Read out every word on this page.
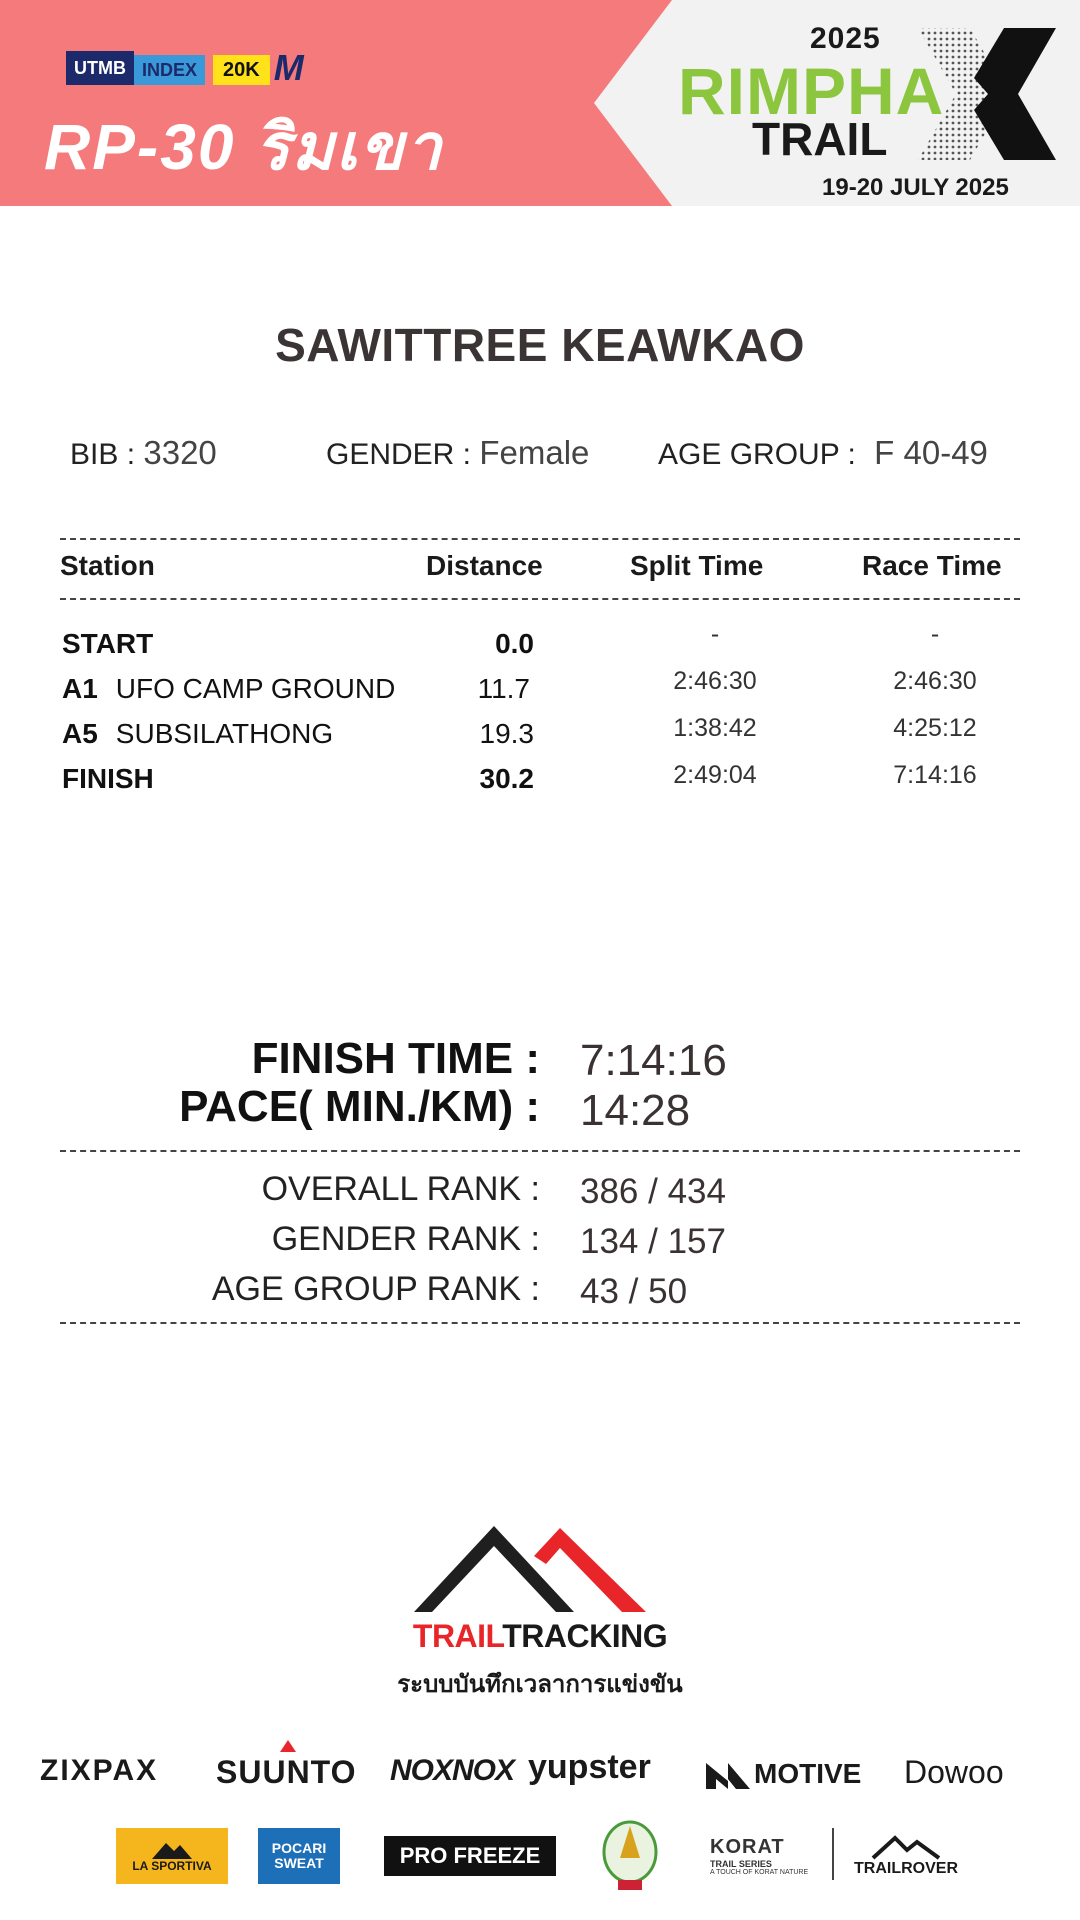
UTMB INDEX	20K M
RP-30 ริมเขา
2025
RIMPHA
TRAIL
19-20 JULY 2025
SAWITTREE KEAWKAO
BIB : 3320	GENDER : Female AGE GROUP : F 40-49
Station	Distance	Split Time	Race Time
START	0.0	-	-
A1 UFO CAMP GROUND	11.7	2:46:30	2:46:30
A5 SUBSILATHONG	19.3	1:38:42	4:25:12
FINISH	30.2	2:49:04	7:14:16
FINISH TIME : 7:14:16
PACE( MIN./KM) : 14:28
OVERALL RANK : 386 / 434
GENDER RANK : 134 / 157
AGE GROUP RANK : 43 / 50
TRAILTRACKING
ระบบบันทึกเวลาการแข่งขัน
ZIXPAX SUUNTO NOXNOX yupster	MOTIVE Dowoo
LA SPORTIVA
POCARI SWEAT	PRO FREEZE	KORAT
TRAIL SERIES
A TOUCH OF KORAT NATURE	TRAILROVER
